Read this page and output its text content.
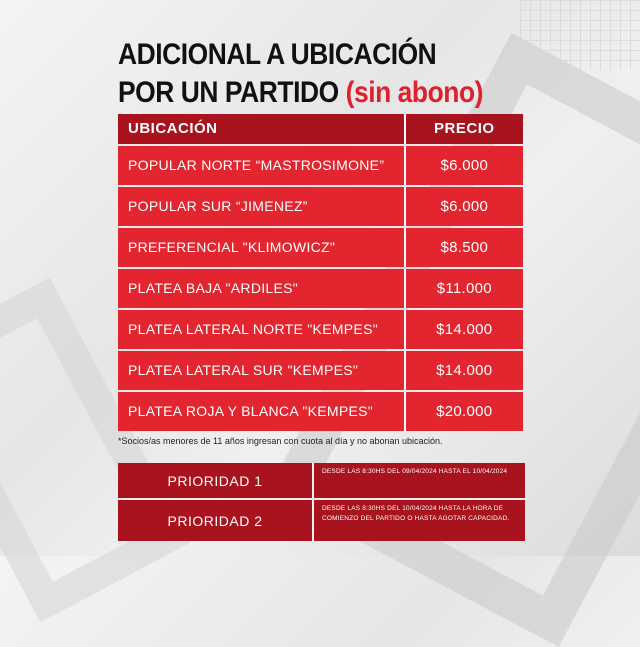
ADICIONAL A UBICACIÓN
POR UN PARTIDO (sin abono)
UBICACIÓN	PRECIO
POPULAR NORTE “MASTROSIMONE”	$6.000
POPULAR SUR “JIMENEZ”	$6.000
PREFERENCIAL "KLIMOWICZ"	$8.500
PLATEA BAJA "ARDILES"	$11.000
PLATEA LATERAL NORTE "KEMPES"	$14.000
PLATEA LATERAL SUR "KEMPES"	$14.000
PLATEA ROJA Y BLANCA "KEMPES"	$20.000
*Socios/as menores de 11 años ingresan con cuota al día y no abonan ubicación.
PRIORIDAD 1
DESDE LAS 8:30HS DEL 09/04/2024 HASTA EL 10/04/2024
PRIORIDAD 2
DESDE LAS 8:30HS DEL 10/04/2024 HASTA LA HORA DE COMIENZO DEL PARTIDO O HASTA AGOTAR CAPACIDAD.
